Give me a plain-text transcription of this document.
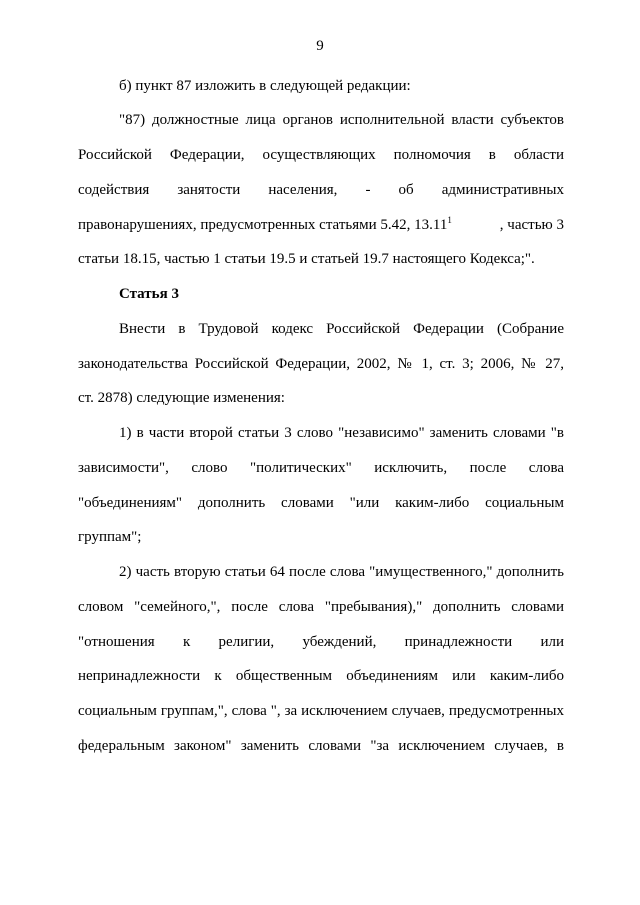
9
б) пункт 87 изложить в следующей редакции:
"87) должностные лица органов исполнительной власти субъектов
Российской Федерации, осуществляющих полномочия в области
содействия занятости населения, - об административных
правонарушениях, предусмотренных статьями 5.42, 13.11$^1$	, частью 3
статьи 18.15, частью 1 статьи 19.5 и статьей 19.7 настоящего Кодекса;".
Статья 3
Внести в Трудовой кодекс Российской Федерации (Собрание
законодательства Российской Федерации, 2002, № 1, ст. 3; 2006, № 27,
ст. 2878) следующие изменения:
1) в части второй статьи 3 слово "независимо" заменить словами "в
зависимости", слово "политических" исключить, после слова
"объединениям" дополнить словами "или каким-либо социальным
группам";
2) часть вторую статьи 64 после слова "имущественного," дополнить
словом "семейного,", после слова "пребывания)," дополнить словами
"отношения к религии, убеждений, принадлежности или
непринадлежности к общественным объединениям или каким-либо
социальным группам,", слова ", за исключением случаев, предусмотренных
федеральным законом" заменить словами "за исключением случаев, в
